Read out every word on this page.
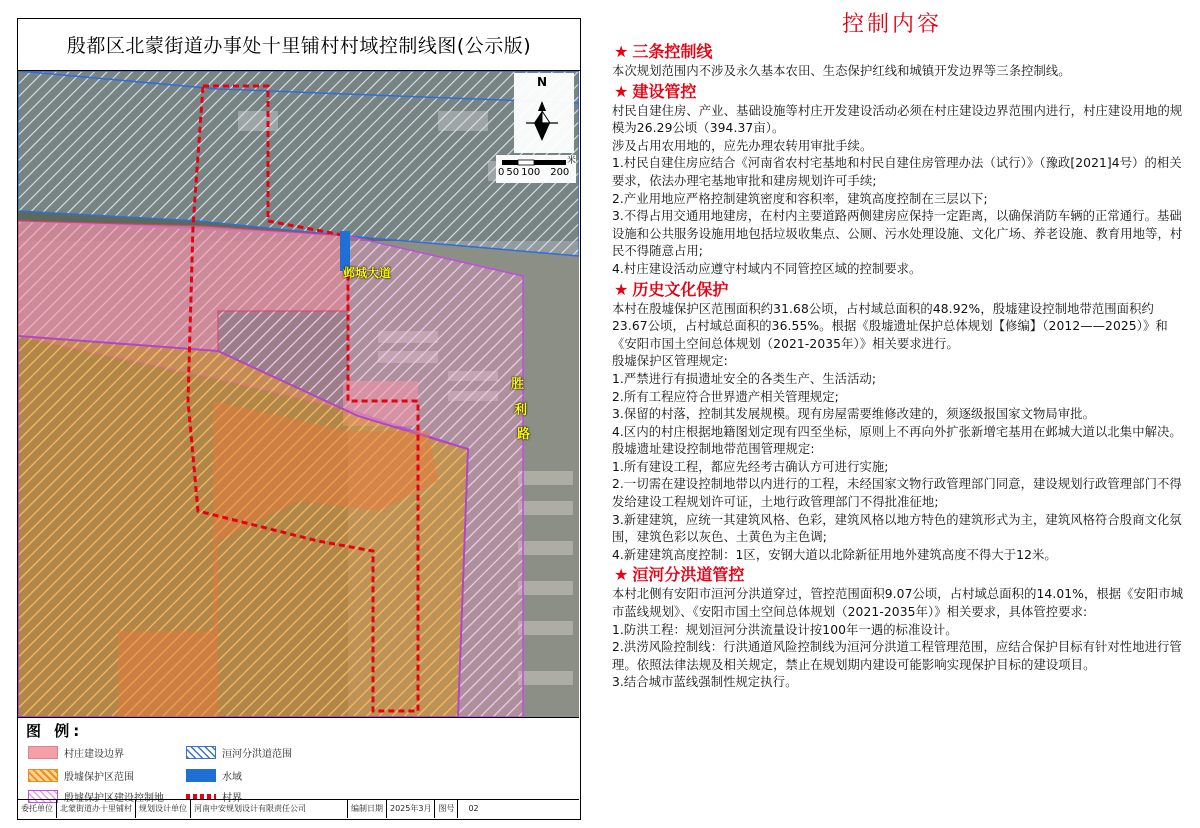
殷都区北蒙街道办事处十里铺村村域控制线图(公示版)
N
米
0 50 100 200
邺城大道
胜
利
路
图 例:
村庄建设边界	洹河分洪道范围
殷墟保护区范围	水域
殷墟保护区建设控制地	村界
委托单位 北蒙街道办十里铺村 规划设计单位 河南中安规划设计有限责任公司	编制日期 2025年3月 图号	02
控制内容
★ 三条控制线
本次规划范围内不涉及永久基本农田、生态保护红线和城镇开发边界等三条控制线。
★ 建设管控
村民自建住房、产业、基础设施等村庄开发建设活动必须在村庄建设边界范围内进行，村庄建设用地的规模为26.29公顷（394.37亩）。
涉及占用农用地的，应先办理农转用审批手续。
1.村民自建住房应结合《河南省农村宅基地和村民自建住房管理办法（试行）》（豫政[2021]4号）的相关要求，依法办理宅基地审批和建房规划许可手续;
2.产业用地应严格控制建筑密度和容积率，建筑高度控制在三层以下;
3.不得占用交通用地建房，在村内主要道路两侧建房应保持一定距离，以确保消防车辆的正常通行。基础设施和公共服务设施用地包括垃圾收集点、公厕、污水处理设施、文化广场、养老设施、教育用地等，村民不得随意占用;
4.村庄建设活动应遵守村域内不同管控区域的控制要求。
★ 历史文化保护
本村在殷墟保护区范围面积约31.68公顷，占村域总面积的48.92%，殷墟建设控制地带范围面积约23.67公顷，占村域总面积的36.55%。根据《殷墟遗址保护总体规划【修编】（2012——2025）》和《安阳市国土空间总体规划（2021-2035年）》相关要求进行。
殷墟保护区管理规定:
1.严禁进行有损遗址安全的各类生产、生活活动;
2.所有工程应符合世界遗产相关管理规定;
3.保留的村落，控制其发展规模。现有房屋需要维修改建的，须逐级报国家文物局审批。
4.区内的村庄根据地籍图划定现有四至坐标，原则上不再向外扩张新增宅基用在邺城大道以北集中解决。
殷墟遗址建设控制地带范围管理规定:
1.所有建设工程，都应先经考古确认方可进行实施;
2.一切需在建设控制地带以内进行的工程，未经国家文物行政管理部门同意，建设规划行政管理部门不得发给建设工程规划许可证，土地行政管理部门不得批准征地;
3.新建建筑，应统一其建筑风格、色彩，建筑风格以地方特色的建筑形式为主，建筑风格符合殷商文化氛围，建筑色彩以灰色、土黄色为主色调;
4.新建建筑高度控制：1区，安钢大道以北除新征用地外建筑高度不得大于12米。
★ 洹河分洪道管控
本村北侧有安阳市洹河分洪道穿过，管控范围面积9.07公顷，占村域总面积的14.01%，根据《安阳市城市蓝线规划》、《安阳市国土空间总体规划（2021-2035年）》相关要求，具体管控要求:
1.防洪工程：规划洹河分洪流量设计按100年一遇的标准设计。
2.洪涝风险控制线：行洪通道风险控制线为洹河分洪道工程管理范围，应结合保护目标有针对性地进行管理。依照法律法规及相关规定，禁止在规划期内建设可能影响实现保护目标的建设项目。
3.结合城市蓝线强制性规定执行。
